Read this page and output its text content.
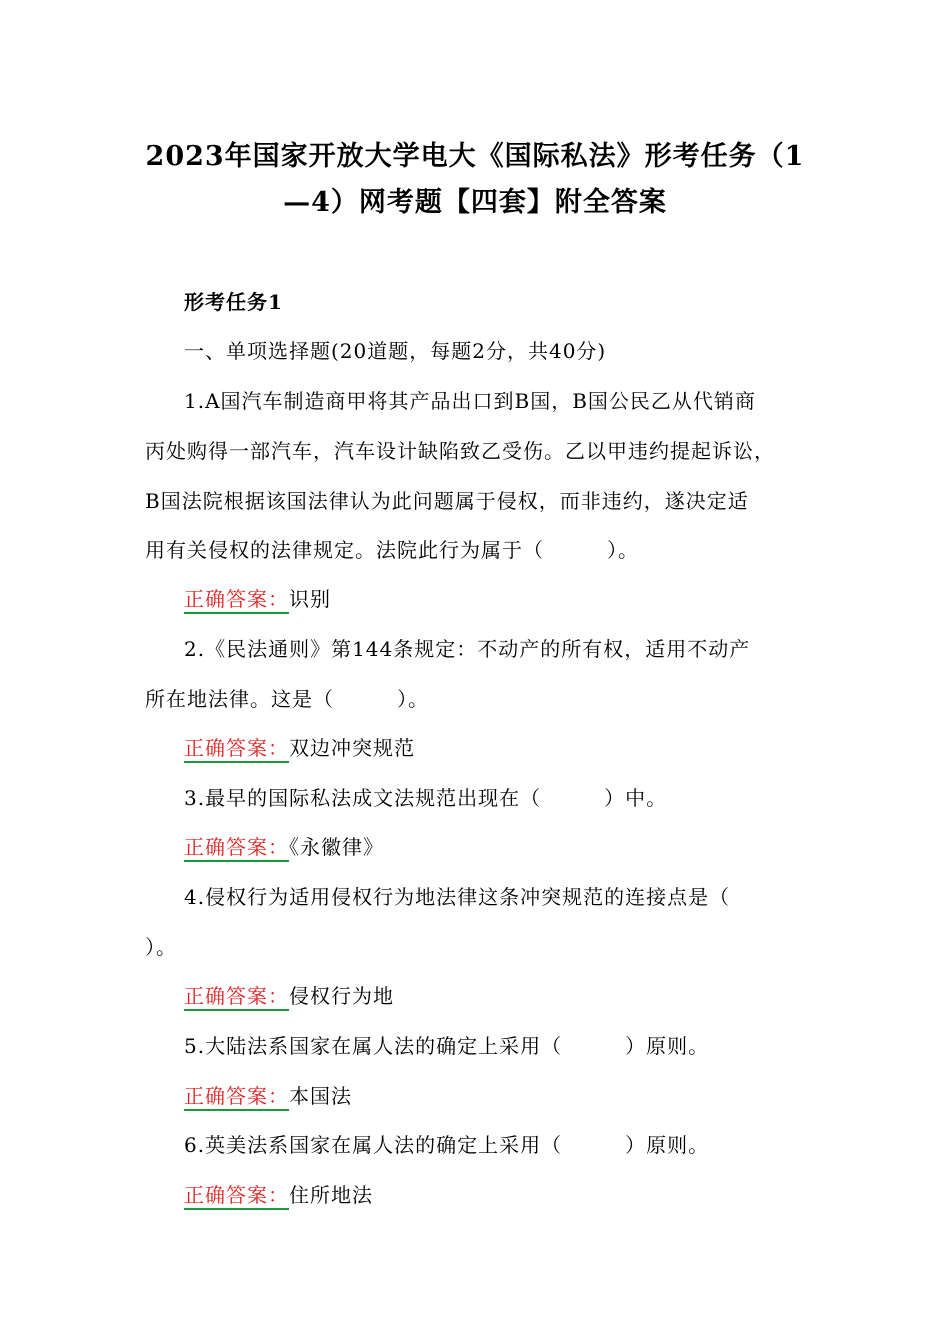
2023年国家开放大学电大《国际私法》形考任务（1
—4）网考题【四套】附全答案
形考任务1
一、单项选择题(20道题，每题2分，共40分)
1.A国汽车制造商甲将其产品出口到B国，B国公民乙从代销商
丙处购得一部汽车，汽车设计缺陷致乙受伤。乙以甲违约提起诉讼，
B国法院根据该国法律认为此问题属于侵权，而非违约，遂决定适
用有关侵权的法律规定。法院此行为属于（　　　）。
正确答案：识别
2.《民法通则》第144条规定：不动产的所有权，适用不动产
所在地法律。这是（　　　）。
正确答案：双边冲突规范
3.最早的国际私法成文法规范出现在（　　　）中。
正确答案：《永徽律》
4.侵权行为适用侵权行为地法律这条冲突规范的连接点是（
）。
正确答案：侵权行为地
5.大陆法系国家在属人法的确定上采用（　　　）原则。
正确答案：本国法
6.英美法系国家在属人法的确定上采用（　　　）原则。
正确答案：住所地法
